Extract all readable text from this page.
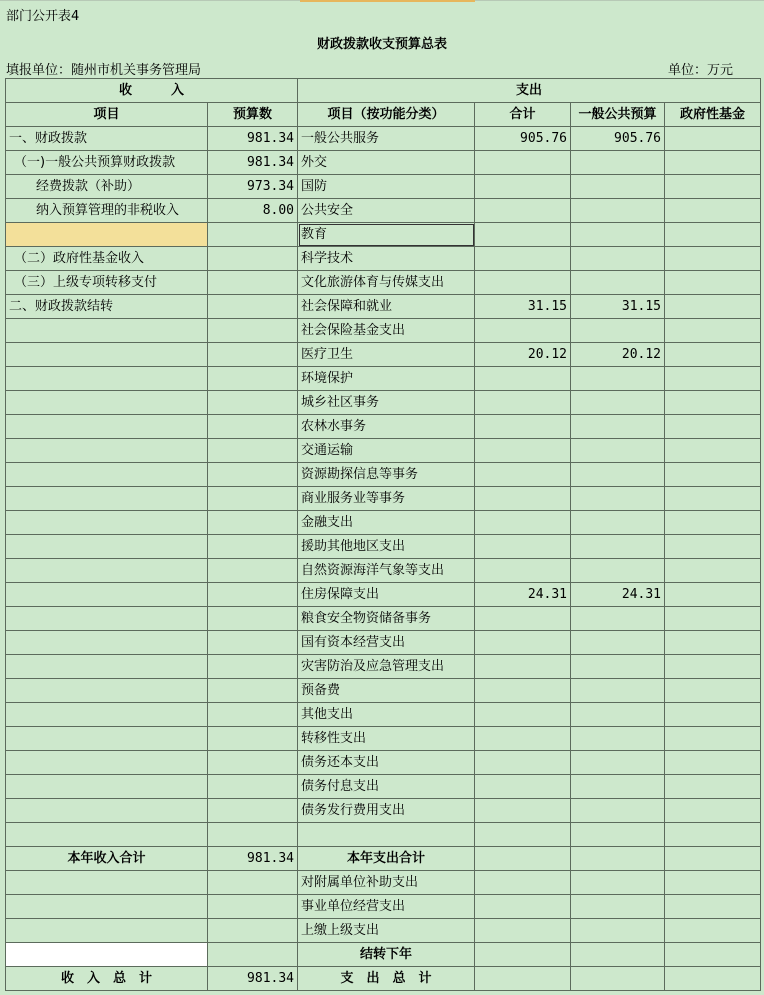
部门公开表4
财政拨款收支预算总表
填报单位：随州市机关事务管理局	单位：万元
收　　　入		支出			
项目	预算数	项目（按功能分类）	合计	一般公共预算	政府性基金
一、财政拨款	981.34	一般公共服务	905.76	905.76	
（一)一般公共预算财政拨款	981.34	外交			
经费拨款（补助）	973.34	国防			
纳入预算管理的非税收入	8.00	公共安全			
		教育			
（二）政府性基金收入		科学技术			
（三）上级专项转移支付		文化旅游体育与传媒支出			
二、财政拨款结转		社会保障和就业	31.15	31.15	
		社会保险基金支出			
		医疗卫生	20.12	20.12	
		环境保护			
		城乡社区事务			
		农林水事务			
		交通运输			
		资源勘探信息等事务			
		商业服务业等事务			
		金融支出			
		援助其他地区支出			
		自然资源海洋气象等支出			
		住房保障支出	24.31	24.31	
		粮食安全物资储备事务			
		国有资本经营支出			
		灾害防治及应急管理支出			
		预备费			
		其他支出			
		转移性支出			
		债务还本支出			
		债务付息支出			
		债务发行费用支出			

本年收入合计	981.34	本年支出合计			
		对附属单位补助支出			
		事业单位经营支出			
		上缴上级支出			
		结转下年			
收　入　总　计	981.34	支　出　总　计			
